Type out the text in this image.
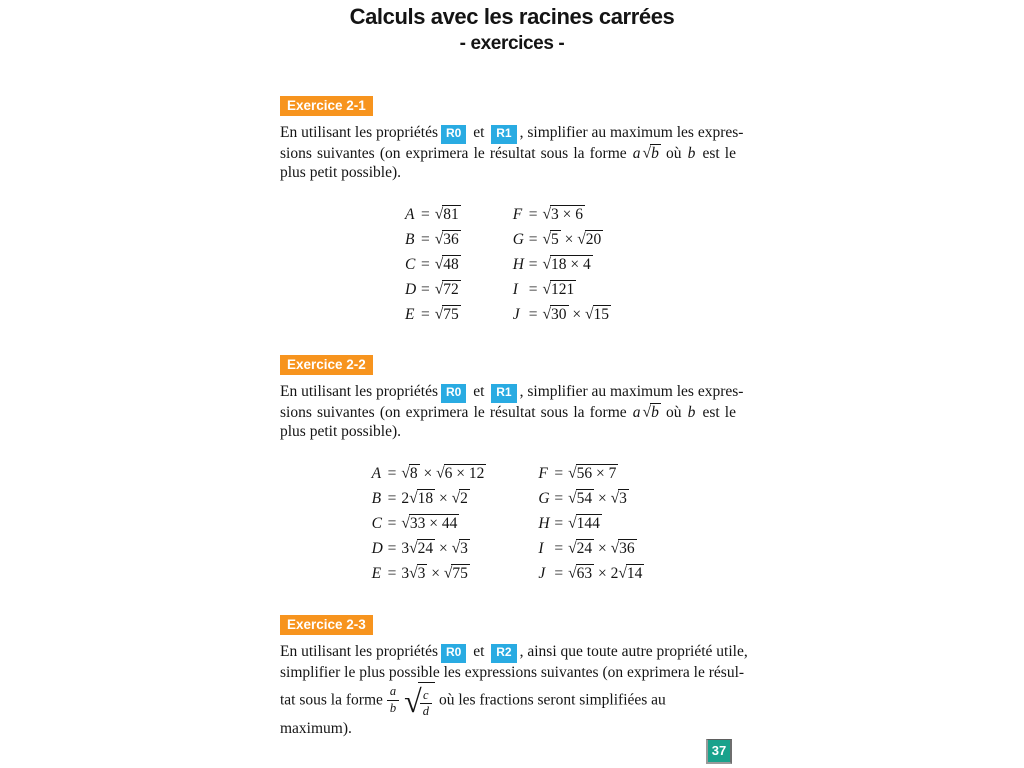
Calculs avec les racines carrées
- exercices -
Exercice 2-1
En utilisant les propriétés R0 et R1 , simplifier au maximum les expres-
sions suivantes (on exprimera le résultat sous la forme a √b où b est le
plus petit possible).
A = √81
B = √36
C = √48
D = √72
E = √75
F = √3 × 6
G = √5 × √20
H = √18 × 4
I = √121
J = √30 × √15
Exercice 2-2
En utilisant les propriétés R0 et R1 , simplifier au maximum les expres-
sions suivantes (on exprimera le résultat sous la forme a √b où b est le
plus petit possible).
A = √8 × √6 × 12
B = 2√18 × √2
C = √33 × 44
D = 3√24 × √3
E = 3√3 × √75
F = √56 × 7
G = √54 × √3
H = √144
I = √24 × √36
J = √63 × 2√14
Exercice 2-3
En utilisant les propriétés R0 et R2 , ainsi que toute autre propriété utile,
simplifier le plus possible les expressions suivantes (on exprimera le résul-
tat sous la forme $\frac{a}{b}$ √
$\frac{c}{d}$ où les fractions seront simplifiées au maximum).
37
